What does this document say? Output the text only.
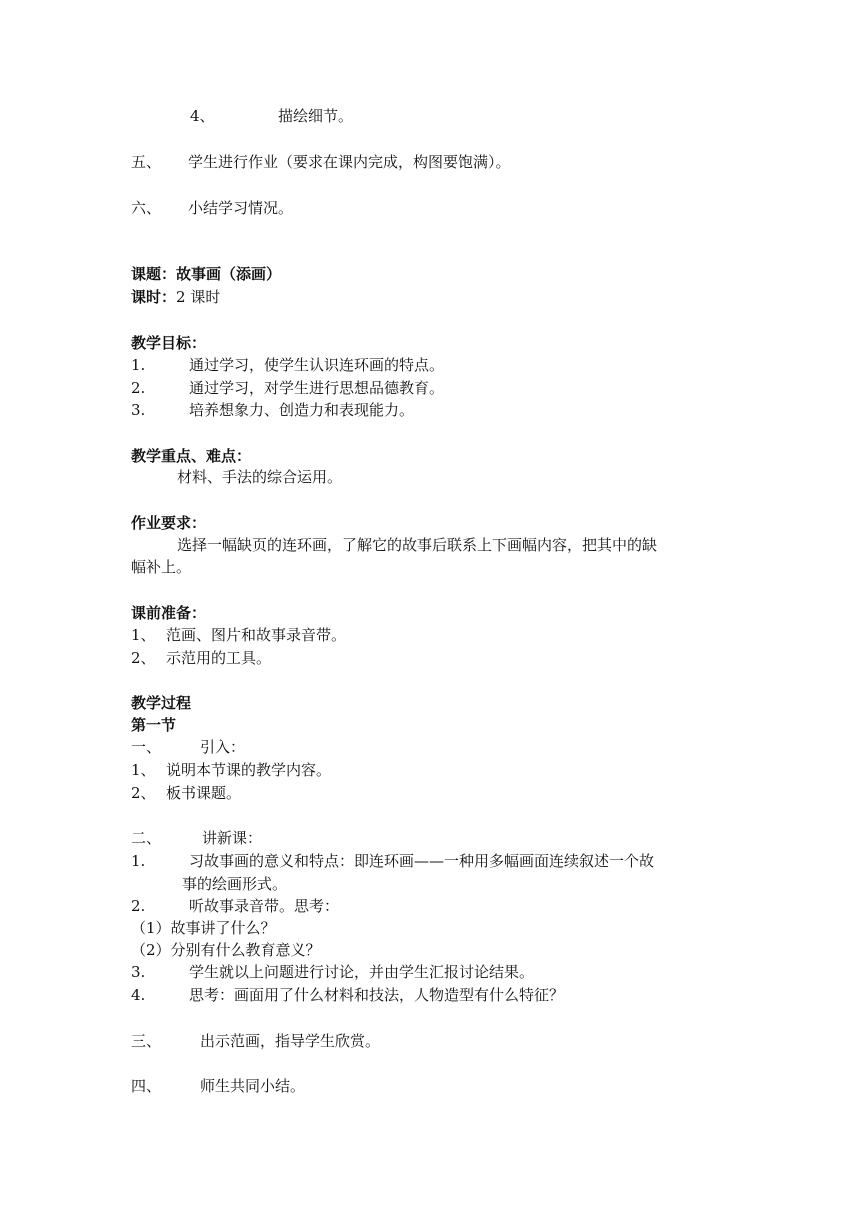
4、	描绘细节。
五、 学生进行作业（要求在课内完成，构图要饱满）。
六、 小结学习情况。
课题：故事画（添画）
课时：2 课时
教学目标：
1.	通过学习，使学生认识连环画的特点。
2.	通过学习，对学生进行思想品德教育。
3.	培养想象力、创造力和表现能力。
教学重点、难点：
材料、手法的综合运用。
作业要求：
选择一幅缺页的连环画，了解它的故事后联系上下画幅内容，把其中的缺
幅补上。
课前准备：
1、 范画、图片和故事录音带。
2、 示范用的工具。
教学过程
第一节
一、	引入：
1、 说明本节课的教学内容。
2、 板书课题。
二、	讲新课：
1.	习故事画的意义和特点：即连环画——一种用多幅画面连续叙述一个故
事的绘画形式。
2.	听故事录音带。思考：
（1）故事讲了什么？
（2）分别有什么教育意义？
3.	学生就以上问题进行讨论，并由学生汇报讨论结果。
4.	思考：画面用了什么材料和技法，人物造型有什么特征？
三、	出示范画，指导学生欣赏。
四、	师生共同小结。
